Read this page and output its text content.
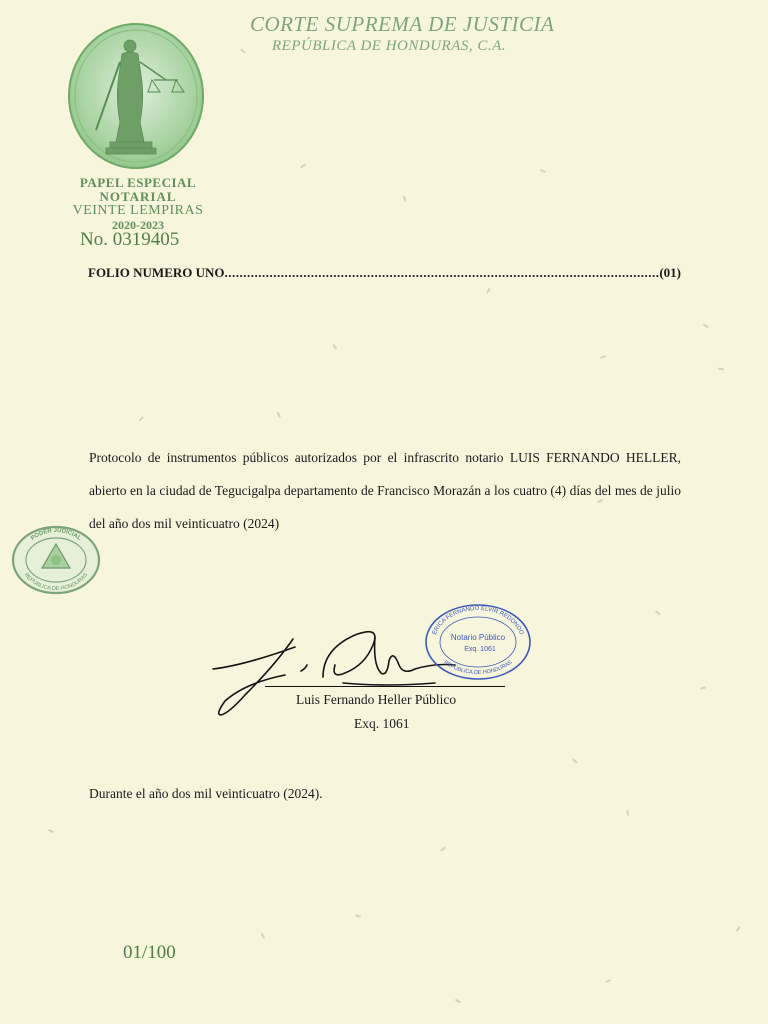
CORTE SUPREMA DE JUSTICIA
REPÚBLICA DE HONDURAS, C.A.
PAPEL ESPECIAL
NOTARIAL
VEINTE LEMPIRAS
2020-2023
No. 0319405
FOLIO NUMERO UNO
.....	(01)
Protocolo de instrumentos públicos autorizados por el infrascrito notario LUIS FERNANDO HELLER, abierto en la ciudad de Tegucigalpa departamento de Francisco Morazán a los cuatro (4) días del mes de julio del año dos mil veinticuatro (2024)
PODER JUDICIAL
REPÚBLICA DE HONDURAS
ERICA FERNANDO ELVIR REDONDO
REPÚBLICA DE HONDURAS
Notario Público
Exq. 1061
Luis Fernando Heller Público
Exq. 1061
Durante el año dos mil veinticuatro (2024).
01/100
